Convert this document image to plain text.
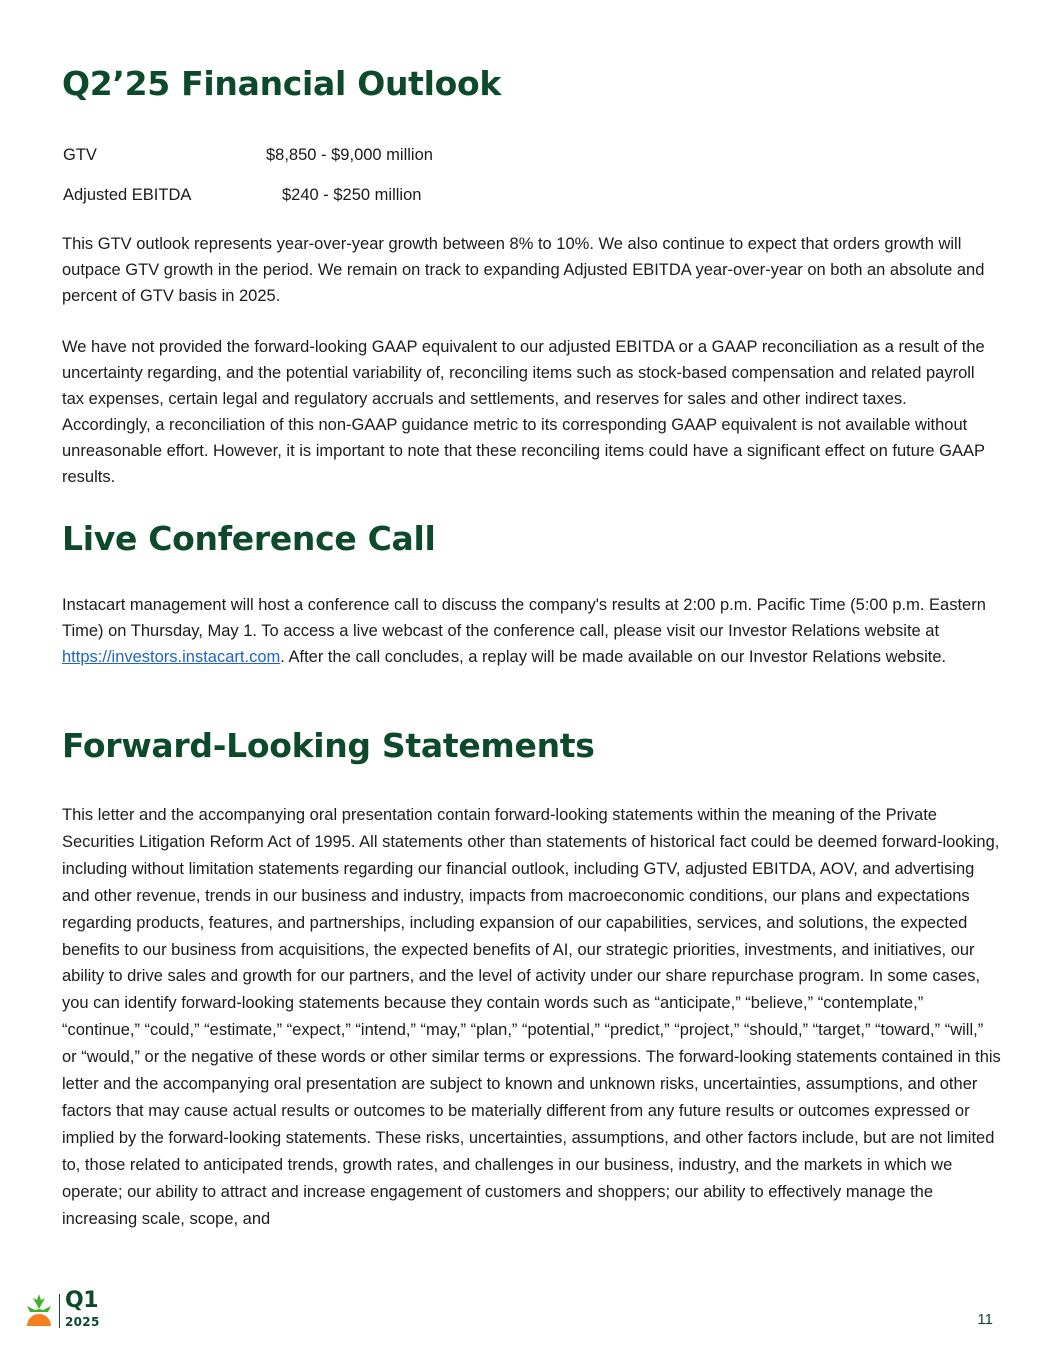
Q2’25 Financial Outlook
GTV	$8,850 - $9,000 million
Adjusted EBITDA	$240 - $250 million

This GTV outlook represents year-over-year growth between 8% to 10%. We also continue to expect that orders growth will outpace GTV growth in the period. We remain on track to expanding Adjusted EBITDA year-over-year on both an absolute and percent of GTV basis in 2025.

We have not provided the forward-looking GAAP equivalent to our adjusted EBITDA or a GAAP reconciliation as a result of the uncertainty regarding, and the potential variability of, reconciling items such as stock-based compensation and related payroll tax expenses, certain legal and regulatory accruals and settlements, and reserves for sales and other indirect taxes. Accordingly, a reconciliation of this non-GAAP guidance metric to its corresponding GAAP equivalent is not available without unreasonable effort. However, it is important to note that these reconciling items could have a significant effect on future GAAP results.

Live Conference Call

Instacart management will host a conference call to discuss the company's results at 2:00 p.m. Pacific Time (5:00 p.m. Eastern Time) on Thursday, May 1. To access a live webcast of the conference call, please visit our Investor Relations website at https://investors.instacart.com. After the call concludes, a replay will be made available on our Investor Relations website.

Forward-Looking Statements

This letter and the accompanying oral presentation contain forward-looking statements within the meaning of the Private Securities Litigation Reform Act of 1995. All statements other than statements of historical fact could be deemed forward-looking, including without limitation statements regarding our financial outlook, including GTV, adjusted EBITDA, AOV, and advertising and other revenue, trends in our business and industry, impacts from macroeconomic conditions, our plans and expectations regarding products, features, and partnerships, including expansion of our capabilities, services, and solutions, the expected benefits to our business from acquisitions, the expected benefits of AI, our strategic priorities, investments, and initiatives, our ability to drive sales and growth for our partners, and the level of activity under our share repurchase program. In some cases, you can identify forward-looking statements because they contain words such as “anticipate,” “believe,” “contemplate,” “continue,” “could,” “estimate,” “expect,” “intend,” “may,” “plan,” “potential,” “predict,” “project,” “should,” “target,” “toward,” “will,” or “would,” or the negative of these words or other similar terms or expressions. The forward-looking statements contained in this letter and the accompanying oral presentation are subject to known and unknown risks, uncertainties, assumptions, and other factors that may cause actual results or outcomes to be materially different from any future results or outcomes expressed or implied by the forward-looking statements. These risks, uncertainties, assumptions, and other factors include, but are not limited to, those related to anticipated trends, growth rates, and challenges in our business, industry, and the markets in which we operate; our ability to attract and increase engagement of customers and shoppers; our ability to effectively manage the increasing scale, scope, and

Q1
2025	11
